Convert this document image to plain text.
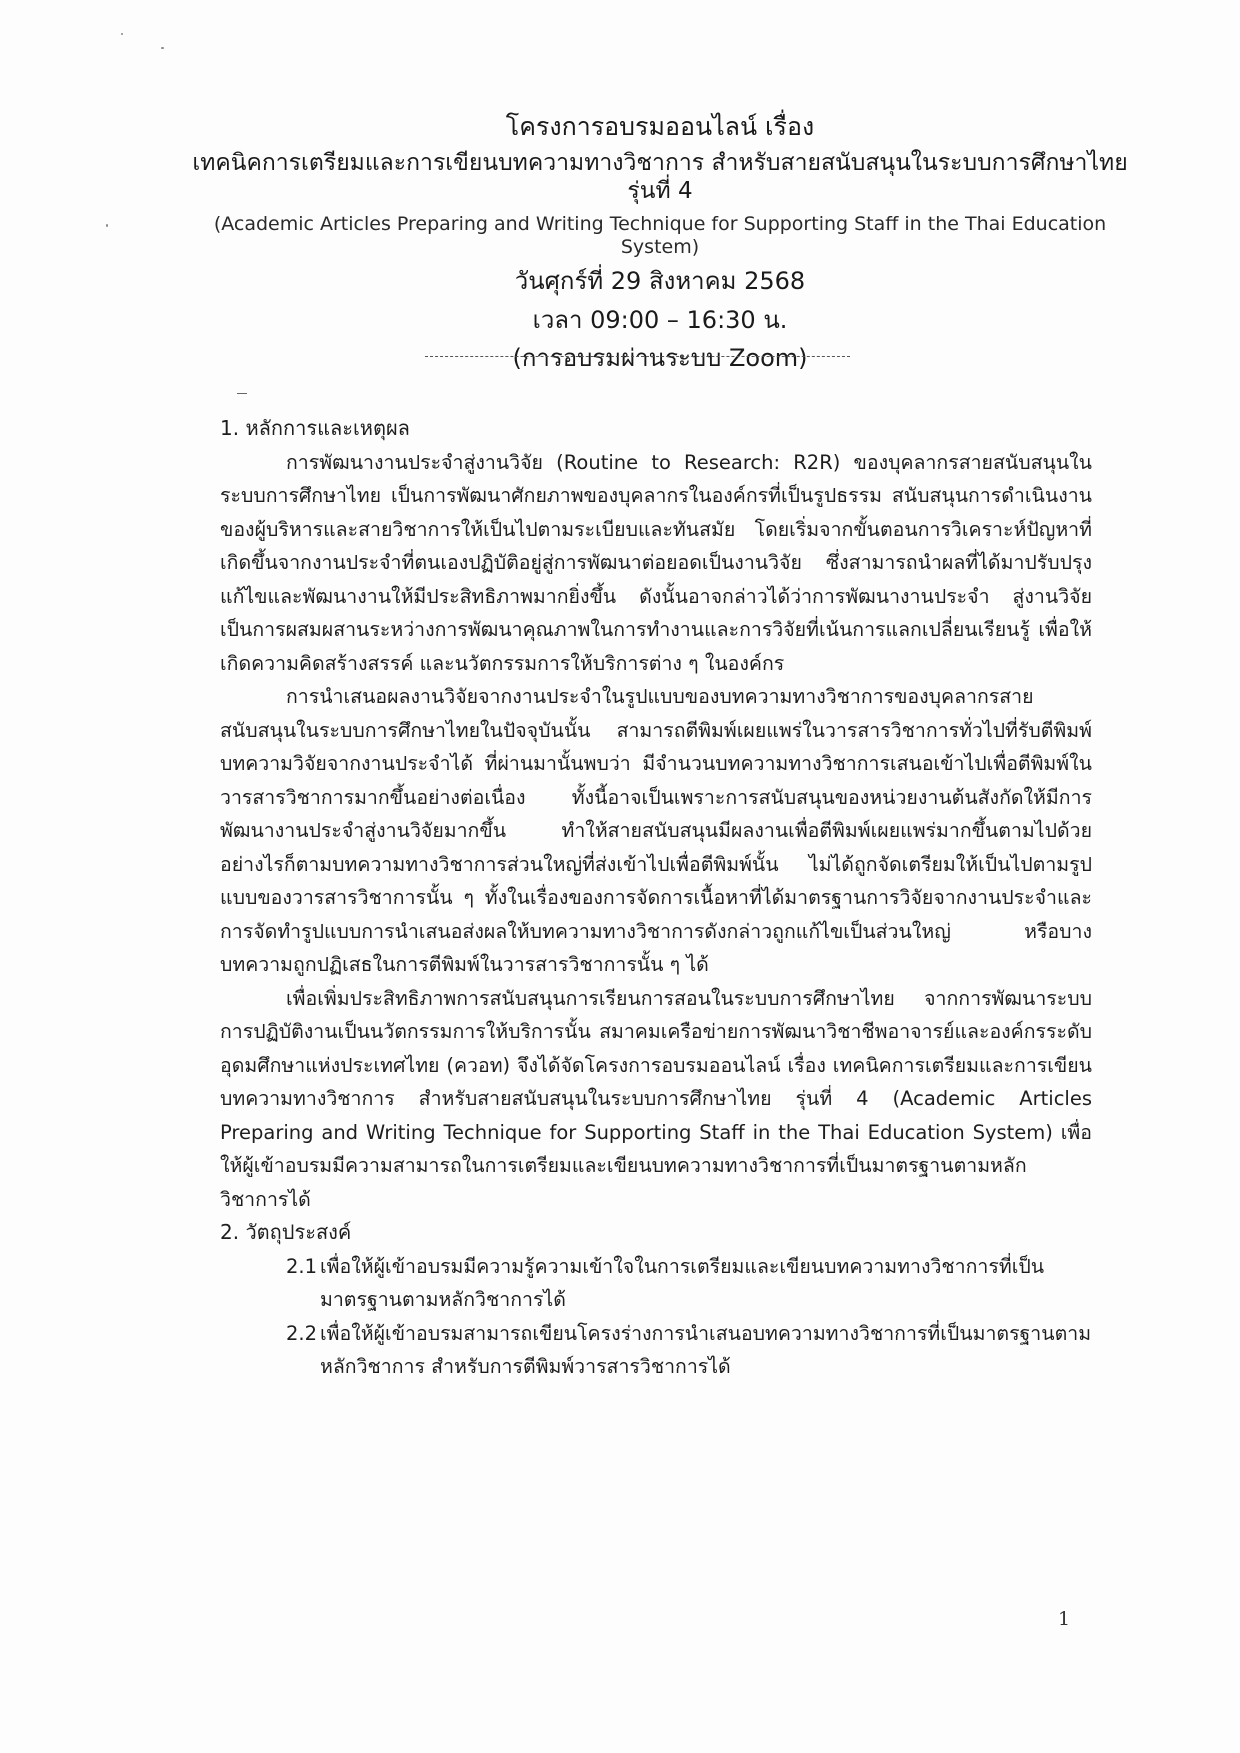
โครงการอบรมออนไลน์ เรื่อง
เทคนิคการเตรียมและการเขียนบทความทางวิชาการ สำหรับสายสนับสนุนในระบบการศึกษาไทย รุ่นที่ 4
(Academic Articles Preparing and Writing Technique for Supporting Staff in the Thai Education System)
วันศุกร์ที่ 29 สิงหาคม 2568
เวลา 09:00 – 16:30 น.
(การอบรมผ่านระบบ Zoom)

1. หลักการและเหตุผล

การพัฒนางานประจำสู่งานวิจัย (Routine to Research: R2R) ของบุคลากรสายสนับสนุนในระบบการศึกษาไทย เป็นการพัฒนาศักยภาพของบุคลากรในองค์กรที่เป็นรูปธรรม สนับสนุนการดำเนินงานของผู้บริหารและสายวิชาการให้เป็นไปตามระเบียบและทันสมัย โดยเริ่มจากขั้นตอนการวิเคราะห์ปัญหาที่เกิดขึ้นจากงานประจำที่ตนเองปฏิบัติอยู่สู่การพัฒนาต่อยอดเป็นงานวิจัย ซึ่งสามารถนำผลที่ได้มาปรับปรุง แก้ไขและพัฒนางานให้มีประสิทธิภาพมากยิ่งขึ้น ดังนั้นอาจกล่าวได้ว่าการพัฒนางานประจำ สู่งานวิจัยเป็นการผสมผสานระหว่างการพัฒนาคุณภาพในการทำงานและการวิจัยที่เน้นการแลกเปลี่ยนเรียนรู้ เพื่อให้เกิดความคิดสร้างสรรค์ และนวัตกรรมการให้บริการต่าง ๆ ในองค์กร

การนำเสนอผลงานวิจัยจากงานประจำในรูปแบบของบทความทางวิชาการของบุคลากรสายสนับสนุนในระบบการศึกษาไทยในปัจจุบันนั้น สามารถตีพิมพ์เผยแพร่ในวารสารวิชาการทั่วไปที่รับตีพิมพ์บทความวิจัยจากงานประจำได้ ที่ผ่านมานั้นพบว่า มีจำนวนบทความทางวิชาการเสนอเข้าไปเพื่อตีพิมพ์ในวารสารวิชาการมากขึ้นอย่างต่อเนื่อง ทั้งนี้อาจเป็นเพราะการสนับสนุนของหน่วยงานต้นสังกัดให้มีการพัฒนางานประจำสู่งานวิจัยมากขึ้น ทำให้สายสนับสนุนมีผลงานเพื่อตีพิมพ์เผยแพร่มากขึ้นตามไปด้วย อย่างไรก็ตามบทความทางวิชาการส่วนใหญ่ที่ส่งเข้าไปเพื่อตีพิมพ์นั้น ไม่ได้ถูกจัดเตรียมให้เป็นไปตามรูปแบบของวารสารวิชาการนั้น ๆ ทั้งในเรื่องของการจัดการเนื้อหาที่ได้มาตรฐานการวิจัยจากงานประจำและการจัดทำรูปแบบการนำเสนอส่งผลให้บทความทางวิชาการดังกล่าวถูกแก้ไขเป็นส่วนใหญ่ หรือบางบทความถูกปฏิเสธในการตีพิมพ์ในวารสารวิชาการนั้น ๆ ได้

เพื่อเพิ่มประสิทธิภาพการสนับสนุนการเรียนการสอนในระบบการศึกษาไทย จากการพัฒนาระบบการปฏิบัติงานเป็นนวัตกรรมการให้บริการนั้น สมาคมเครือข่ายการพัฒนาวิชาชีพอาจารย์และองค์กรระดับอุดมศึกษาแห่งประเทศไทย (ควอท) จึงได้จัดโครงการอบรมออนไลน์ เรื่อง เทคนิคการเตรียมและการเขียนบทความทางวิชาการ สำหรับสายสนับสนุนในระบบการศึกษาไทย รุ่นที่ 4 (Academic Articles Preparing and Writing Technique for Supporting Staff in the Thai Education System) เพื่อให้ผู้เข้าอบรมมีความสามารถในการเตรียมและเขียนบทความทางวิชาการที่เป็นมาตรฐานตามหลักวิชาการได้

2. วัตถุประสงค์

2.1 เพื่อให้ผู้เข้าอบรมมีความรู้ความเข้าใจในการเตรียมและเขียนบทความทางวิชาการที่เป็นมาตรฐานตามหลักวิชาการได้
2.2 เพื่อให้ผู้เข้าอบรมสามารถเขียนโครงร่างการนำเสนอบทความทางวิชาการที่เป็นมาตรฐานตามหลักวิชาการ สำหรับการตีพิมพ์วารสารวิชาการได้
1
